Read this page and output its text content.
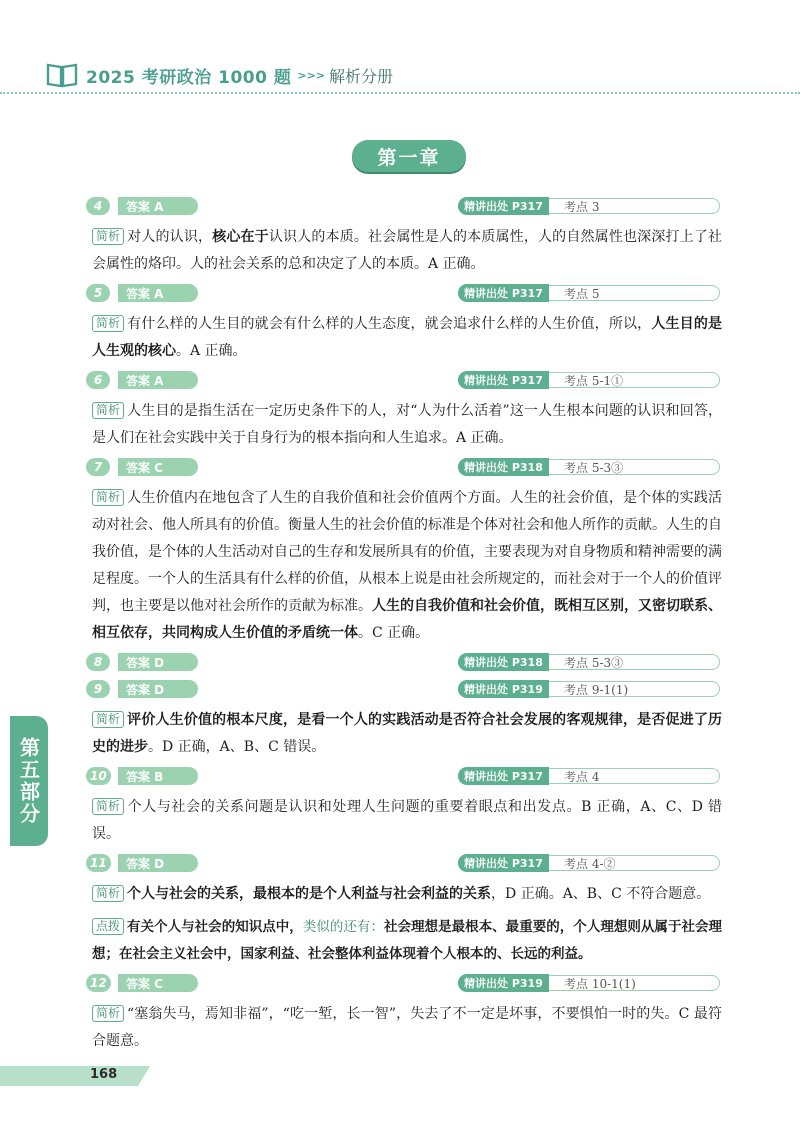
2025 考研政治 1000 题 >>> 解析分册
第一章
第五部分
4	答案 A	精讲出处 P317	考点 3

简析 对人的认识，核心在于认识人的本质。社会属性是人的本质属性，人的自然属性也深深打上了社会属性的烙印。人的社会关系的总和决定了人的本质。A 正确。

5	答案 A	精讲出处 P317	考点 5

简析 有什么样的人生目的就会有什么样的人生态度，就会追求什么样的人生价值，所以，人生目的是人生观的核心。A 正确。

6	答案 A	精讲出处 P317	考点 5-1①

简析 人生目的是指生活在一定历史条件下的人，对“人为什么活着”这一人生根本问题的认识和回答，是人们在社会实践中关于自身行为的根本指向和人生追求。A 正确。

7	答案 C	精讲出处 P318	考点 5-3③

简析 人生价值内在地包含了人生的自我价值和社会价值两个方面。人生的社会价值，是个体的实践活动对社会、他人所具有的价值。衡量人生的社会价值的标准是个体对社会和他人所作的贡献。人生的自我价值，是个体的人生活动对自己的生存和发展所具有的价值，主要表现为对自身物质和精神需要的满足程度。一个人的生活具有什么样的价值，从根本上说是由社会所规定的，而社会对于一个人的价值评判，也主要是以他对社会所作的贡献为标准。人生的自我价值和社会价值，既相互区别，又密切联系、相互依存，共同构成人生价值的矛盾统一体。C 正确。

8	答案 D	精讲出处 P318	考点 5-3③
9	答案 D	精讲出处 P319	考点 9-1(1)

简析 评价人生价值的根本尺度，是看一个人的实践活动是否符合社会发展的客观规律，是否促进了历史的进步。D 正确，A、B、C 错误。

10	答案 B	精讲出处 P317	考点 4

简析 个人与社会的关系问题是认识和处理人生问题的重要着眼点和出发点。B 正确，A、C、D 错误。

11	答案 D	精讲出处 P317	考点 4-②

简析 个人与社会的关系，最根本的是个人利益与社会利益的关系，D 正确。A、B、C 不符合题意。

点拨 有关个人与社会的知识点中，类似的还有：社会理想是最根本、最重要的，个人理想则从属于社会理想；在社会主义社会中，国家利益、社会整体利益体现着个人根本的、长远的利益。

12	答案 C	精讲出处 P319	考点 10-1(1)

简析 “塞翁失马，焉知非福”，“吃一堑，长一智”，失去了不一定是坏事，不要惧怕一时的失。C 最符合题意。

168
